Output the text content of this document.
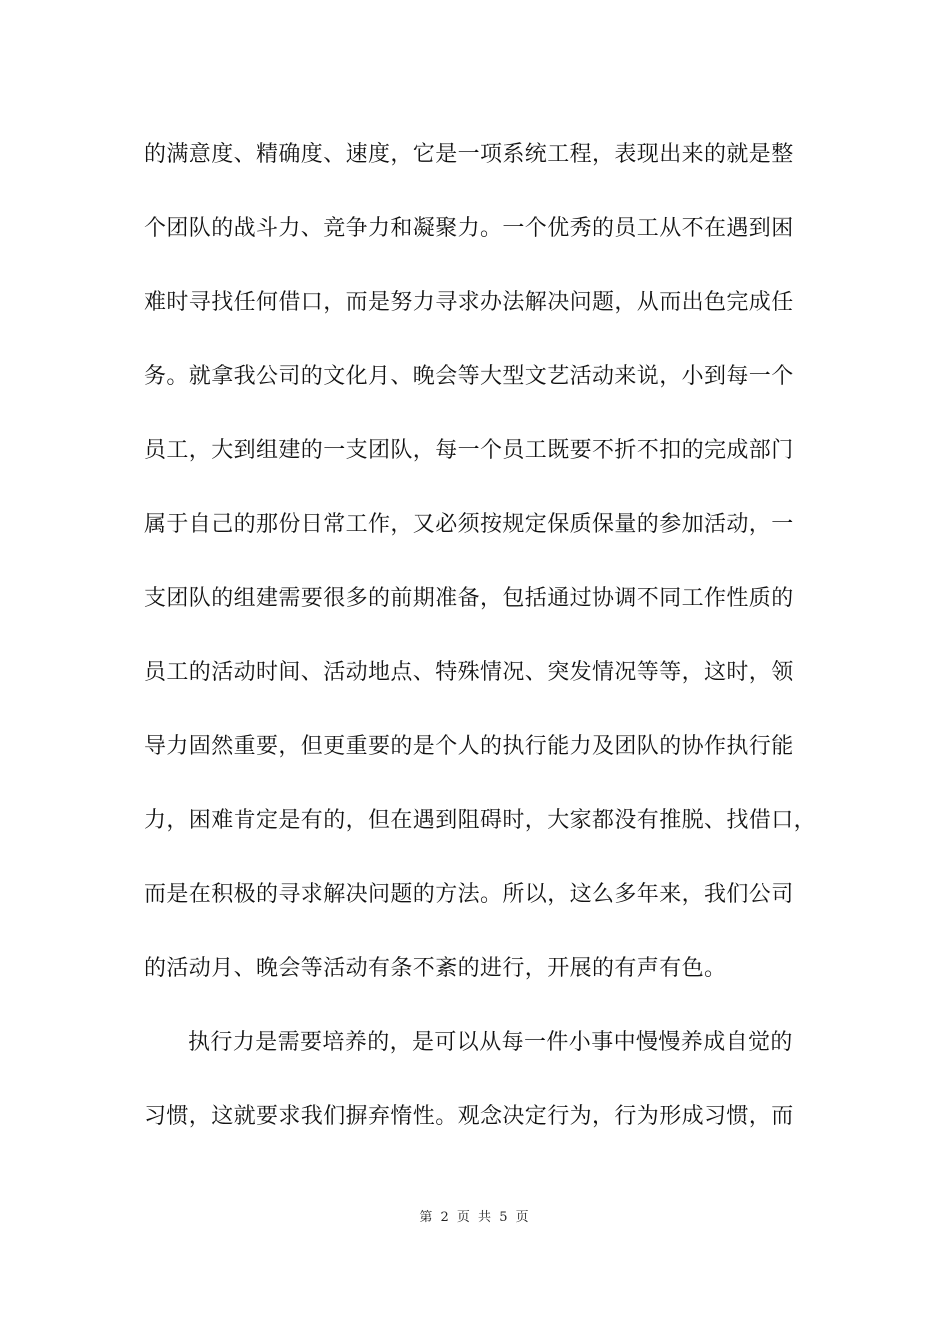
的满意度、精确度、速度，它是一项系统工程，表现出来的就是整
个团队的战斗力、竞争力和凝聚力。一个优秀的员工从不在遇到困
难时寻找任何借口，而是努力寻求办法解决问题，从而出色完成任
务。就拿我公司的文化月、晚会等大型文艺活动来说，小到每一个
员工，大到组建的一支团队，每一个员工既要不折不扣的完成部门
属于自己的那份日常工作，又必须按规定保质保量的参加活动，一
支团队的组建需要很多的前期准备，包括通过协调不同工作性质的
员工的活动时间、活动地点、特殊情况、突发情况等等，这时，领
导力固然重要，但更重要的是个人的执行能力及团队的协作执行能
力，困难肯定是有的，但在遇到阻碍时，大家都没有推脱、找借口，
而是在积极的寻求解决问题的方法。所以，这么多年来，我们公司
的活动月、晚会等活动有条不紊的进行，开展的有声有色。
执行力是需要培养的，是可以从每一件小事中慢慢养成自觉的
习惯，这就要求我们摒弃惰性。观念决定行为，行为形成习惯，而
第 2 页 共 5 页
